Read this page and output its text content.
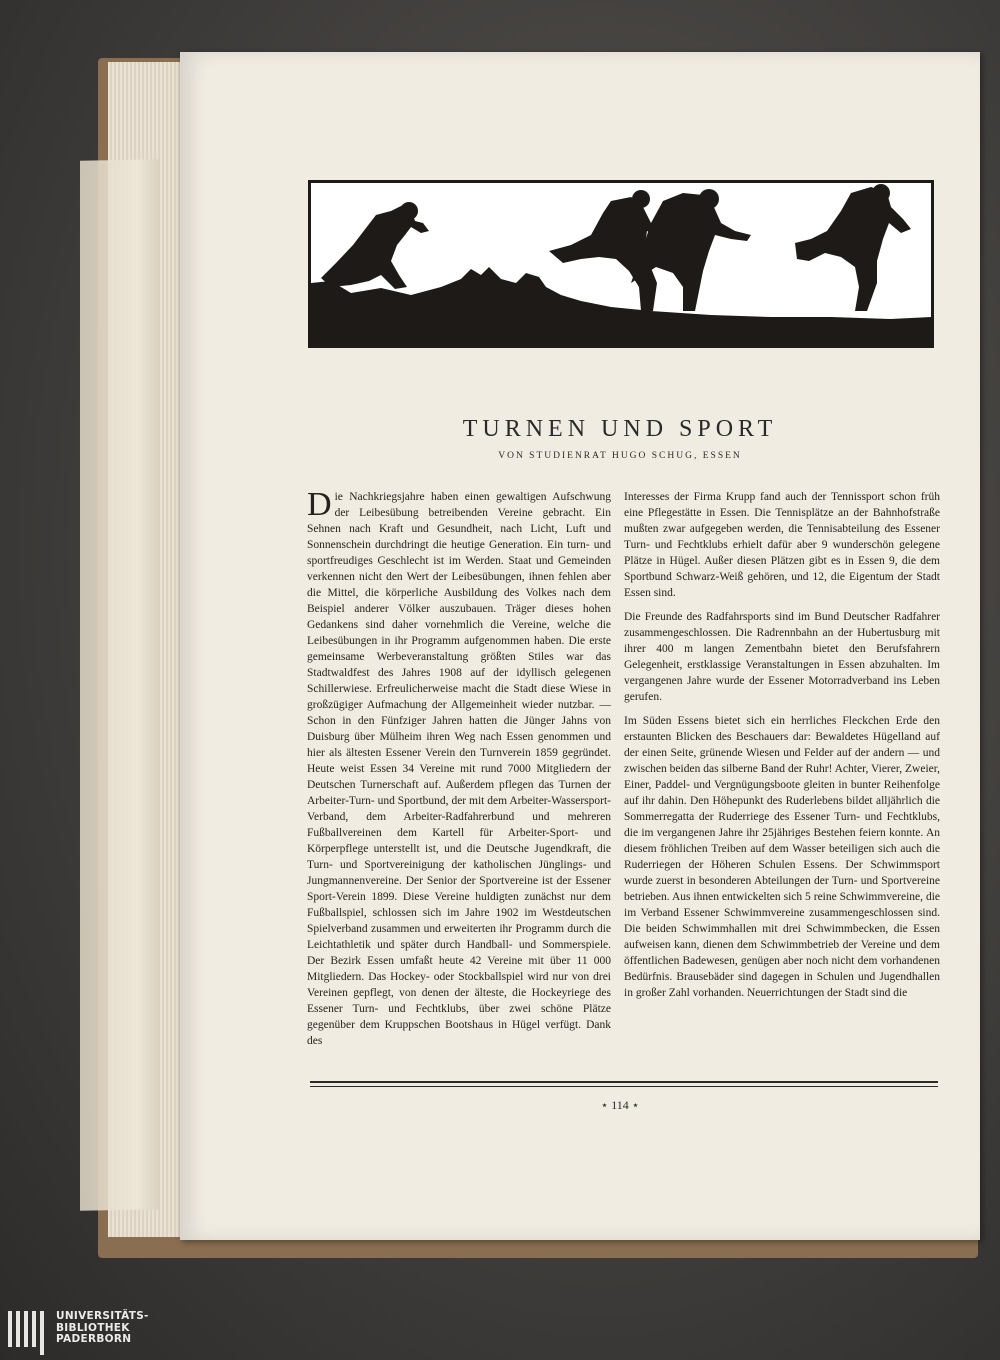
TURNEN UND SPORT
VON STUDIENRAT HUGO SCHUG, ESSEN

D ie Nachkriegsjahre haben einen gewaltigen Aufschwung der Leibesübung betreibenden Vereine gebracht. Ein Sehnen nach Kraft und Gesundheit, nach Licht, Luft und Sonnenschein durchdringt die heutige Generation. Ein turn- und sportfreudiges Geschlecht ist im Werden. Staat und Gemeinden verkennen nicht den Wert der Leibesübungen, ihnen fehlen aber die Mittel, die körperliche Ausbildung des Volkes nach dem Beispiel anderer Völker auszubauen. Träger dieses hohen Gedankens sind daher vornehmlich die Vereine, welche die Leibesübungen in ihr Programm aufgenommen haben. Die erste gemeinsame Werbeveranstaltung größten Stiles war das Stadtwaldfest des Jahres 1908 auf der idyllisch gelegenen Schillerwiese. Erfreulicherweise macht die Stadt diese Wiese in großzügiger Aufmachung der Allgemeinheit wieder nutzbar. — Schon in den Fünfziger Jahren hatten die Jünger Jahns von Duisburg über Mülheim ihren Weg nach Essen genommen und hier als ältesten Essener Verein den Turnverein 1859 gegründet. Heute weist Essen 34 Vereine mit rund 7000 Mitgliedern der Deutschen Turnerschaft auf. Außerdem pflegen das Turnen der Arbeiter-Turn- und Sportbund, der mit dem Arbeiter-Wassersport-Verband, dem Arbeiter-Radfahrerbund und mehreren Fußballvereinen dem Kartell für Arbeiter-Sport- und Körperpflege unterstellt ist, und die Deutsche Jugendkraft, die Turn- und Sportvereinigung der katholischen Jünglings- und Jungmannenvereine. Der Senior der Sportvereine ist der Essener Sport-Verein 1899. Diese Vereine huldigten zunächst nur dem Fußballspiel, schlossen sich im Jahre 1902 im Westdeutschen Spielverband zusammen und erweiterten ihr Programm durch die Leichtathletik und später durch Handball- und Sommerspiele. Der Bezirk Essen umfaßt heute 42 Vereine mit über 11 000 Mitgliedern. Das Hockey- oder Stockballspiel wird nur von drei Vereinen gepflegt, von denen der älteste, die Hockeyriege des Essener Turn- und Fechtklubs, über zwei schöne Plätze gegenüber dem Kruppschen Bootshaus in Hügel verfügt. Dank des

Interesses der Firma Krupp fand auch der Tennissport schon früh eine Pflegestätte in Essen. Die Tennisplätze an der Bahnhofstraße mußten zwar aufgegeben werden, die Tennisabteilung des Essener Turn- und Fechtklubs erhielt dafür aber 9 wunderschön gelegene Plätze in Hügel. Außer diesen Plätzen gibt es in Essen 9, die dem Sportbund Schwarz-Weiß gehören, und 12, die Eigentum der Stadt Essen sind.

Die Freunde des Radfahrsports sind im Bund Deutscher Radfahrer zusammengeschlossen. Die Radrennbahn an der Hubertusburg mit ihrer 400 m langen Zementbahn bietet den Berufsfahrern Gelegenheit, erstklassige Veranstaltungen in Essen abzuhalten. Im vergangenen Jahre wurde der Essener Motorradverband ins Leben gerufen.

Im Süden Essens bietet sich ein herrliches Fleckchen Erde den erstaunten Blicken des Beschauers dar: Bewaldetes Hügelland auf der einen Seite, grünende Wiesen und Felder auf der andern — und zwischen beiden das silberne Band der Ruhr! Achter, Vierer, Zweier, Einer, Paddel- und Vergnügungsboote gleiten in bunter Reihenfolge auf ihr dahin. Den Höhepunkt des Ruderlebens bildet alljährlich die Sommerregatta der Ruderriege des Essener Turn- und Fechtklubs, die im vergangenen Jahre ihr 25jähriges Bestehen feiern konnte. An diesem fröhlichen Treiben auf dem Wasser beteiligen sich auch die Ruderriegen der Höheren Schulen Essens. Der Schwimmsport wurde zuerst in besonderen Abteilungen der Turn- und Sportvereine betrieben. Aus ihnen entwickelten sich 5 reine Schwimmvereine, die im Verband Essener Schwimmvereine zusammengeschlossen sind. Die beiden Schwimmhallen mit drei Schwimmbecken, die Essen aufweisen kann, dienen dem Schwimmbetrieb der Vereine und dem öffentlichen Badewesen, genügen aber noch nicht dem vorhandenen Bedürfnis. Brausebäder sind dagegen in Schulen und Jugendhallen in großer Zahl vorhanden. Neuerrichtungen der Stadt sind die

⋆ 114 ⋆
UNIVERSITÄTS-
BIBLIOTHEK
PADERBORN
